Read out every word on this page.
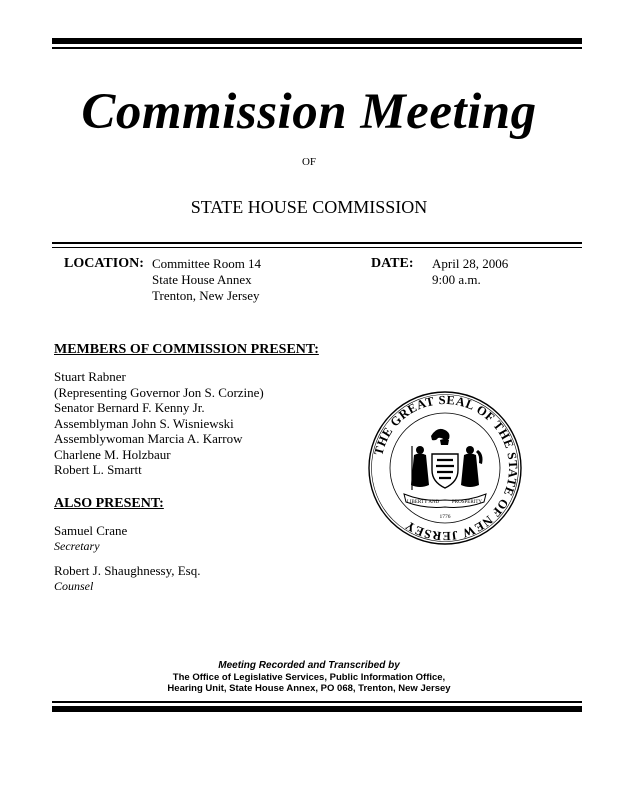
Commission Meeting
OF
STATE HOUSE COMMISSION
LOCATION: Committee Room 14
State House Annex
Trenton, New Jersey
DATE: April 28, 2006
9:00 a.m.
MEMBERS OF COMMISSION PRESENT:
Stuart Rabner
(Representing Governor Jon S. Corzine)
Senator Bernard F. Kenny Jr.
Assemblyman John S. Wisniewski
Assemblywoman Marcia A. Karrow
Charlene M. Holzbaur
Robert L. Smartt
ALSO PRESENT:
Samuel Crane
Secretary
Robert J. Shaughnessy, Esq.
Counsel
THE GREAT SEAL OF THE STATE OF NEW JERSEY
LIBERTY AND	PROSPERITY
1776
Meeting Recorded and Transcribed by
The Office of Legislative Services, Public Information Office,
Hearing Unit, State House Annex, PO 068, Trenton, New Jersey
